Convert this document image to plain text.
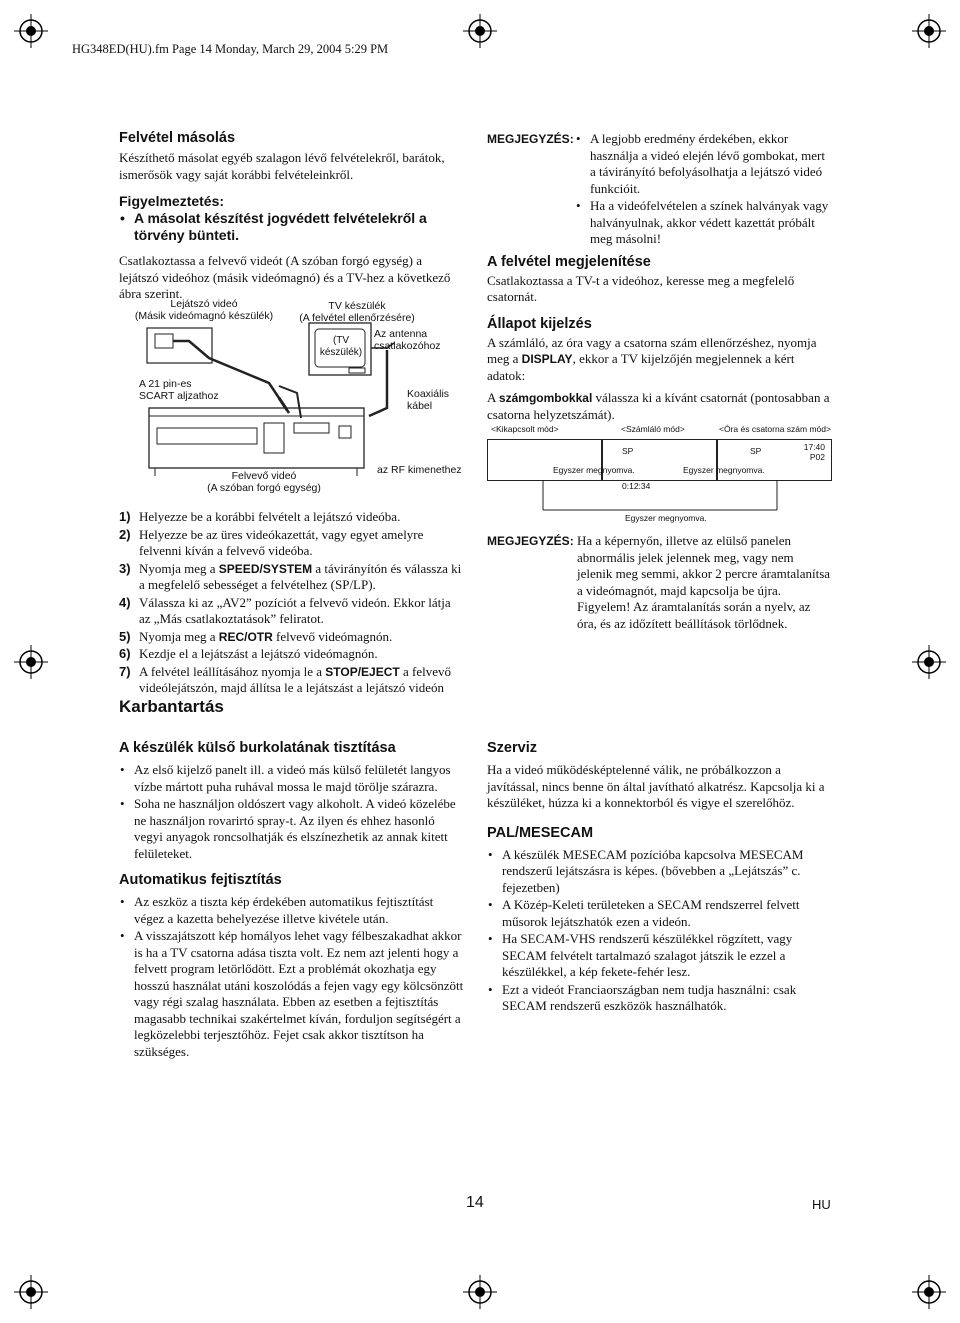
HG348ED(HU).fm Page 14 Monday, March 29, 2004 5:29 PM
Felvétel másolás
Készíthető másolat egyéb szalagon lévő felvételekről, barátok, ismerősök vagy saját korábbi felvételeinkről.
Figyelmeztetés:
• A másolat készítést jogvédett felvételekről a törvény bünteti.
Csatlakoztassa a felvevő videót (A szóban forgó egység) a lejátszó videóhoz (másik videómagnó) és a TV-hez a következő ábra szerint.
Lejátszó videó
(Másik videómagnó készülék)
TV készülék
(A felvétel ellenőrzésére)
(TV készülék)
Az antenna
csatlakozóhoz
A 21 pin-es
SCART aljzathoz	Koaxiális
kábel
Felvevő videó
(A szóban forgó egység)
az RF kimenethez
1) Helyezze be a korábbi felvételt a lejátszó videóba.
2) Helyezze be az üres videókazettát, vagy egyet amelyre felvenni kíván a felvevő videóba.
3) Nyomja meg a SPEED/SYSTEM a távirányítón és válassza ki a megfelelő sebességet a felvételhez (SP/LP).
4) Válassza ki az „AV2” pozíciót a felvevő videón. Ekkor látja az „Más csatlakoztatások” feliratot.
5) Nyomja meg a REC/OTR felvevő videómagnón.
6) Kezdje el a lejátszást a lejátszó videómagnón.
7) A felvétel leállításához nyomja le a STOP/EJECT a felvevő videólejátszón, majd állítsa le a lejátszást a lejátszó videón
MEGJEGYZÉS:
•	A legjobb eredmény érdekében, ekkor használja a videó elején lévő gombokat, mert a távirányító befolyásolhatja a lejátszó videó funkcióit.
• Ha a videófelvételen a színek halványak vagy halványulnak, akkor védett kazettát próbált meg másolni!
A felvétel megjelenítése
Csatlakoztassa a TV-t a videóhoz, keresse meg a megfelelő csatornát.
Állapot kijelzés
A számláló, az óra vagy a csatorna szám ellenőrzéshez, nyomja meg a DISPLAY, ekkor a TV kijelzőjén megjelennek a kért adatok:
A számgombokkal válassza ki a kívánt csatornát (pontosabban a csatorna helyzetszámát).
<Kikapcsolt mód>	<Számláló mód>	<Óra és csatorna szám mód>
SP
0:12:34
SP	17:40
P02
Egyszer megnyomva.	Egyszer megnyomva.
Egyszer megnyomva.
MEGJEGYZÉS: Ha a képernyőn, illetve az elülső panelen abnormális jelek jelennek meg, vagy nem jelenik meg semmi, akkor 2 percre áramtalanítsa a videómagnót, majd kapcsolja be újra.
Figyelem! Az áramtalanítás során a nyelv, az óra, és az időzített beállítások törlődnek.
Karbantartás
A készülék külső burkolatának tisztítása
• Az első kijelző panelt ill. a videó más külső felületét langyos vízbe mártott puha ruhával mossa le majd törölje szárazra.
• Soha ne használjon oldószert vagy alkoholt. A videó közelébe ne használjon rovarirtó spray-t. Az ilyen és ehhez hasonló vegyi anyagok roncsolhatják és elszínezhetik az annak kitett felületeket.
Automatikus fejtisztítás
• Az eszköz a tiszta kép érdekében automatikus fejtisztítást végez a kazetta behelyezése illetve kivétele után.
• A visszajátszott kép homályos lehet vagy félbeszakadhat akkor is ha a TV csatorna adása tiszta volt. Ez nem azt jelenti hogy a felvett program letörlődött. Ezt a problémát okozhatja egy hosszú használat utáni koszolódás a fejen vagy egy kölcsönzött vagy régi szalag használata. Ebben az esetben a fejtisztítás magasabb technikai szakértelmet kíván, forduljon segítségért a legközelebbi terjesztőhöz. Fejet csak akkor tisztítson ha szükséges.
Szerviz
Ha a videó működésképtelenné válik, ne próbálkozzon a javítással, nincs benne ön által javítható alkatrész. Kapcsolja ki a készüléket, húzza ki a konnektorból és vigye el szerelőhöz.
PAL/MESECAM
• A készülék MESECAM pozícióba kapcsolva MESECAM rendszerű lejátszásra is képes. (bővebben a „Lejátszás” c. fejezetben)
• A Közép-Keleti területeken a SECAM rendszerrel felvett műsorok lejátszhatók ezen a videón.
• Ha SECAM-VHS rendszerű készülékkel rögzített, vagy SECAM felvételt tartalmazó szalagot játszik le ezzel a készülékkel, a kép fekete-fehér lesz.
• Ezt a videót Franciaországban nem tudja használni: csak SECAM rendszerű eszközök használhatók.
14	HU
